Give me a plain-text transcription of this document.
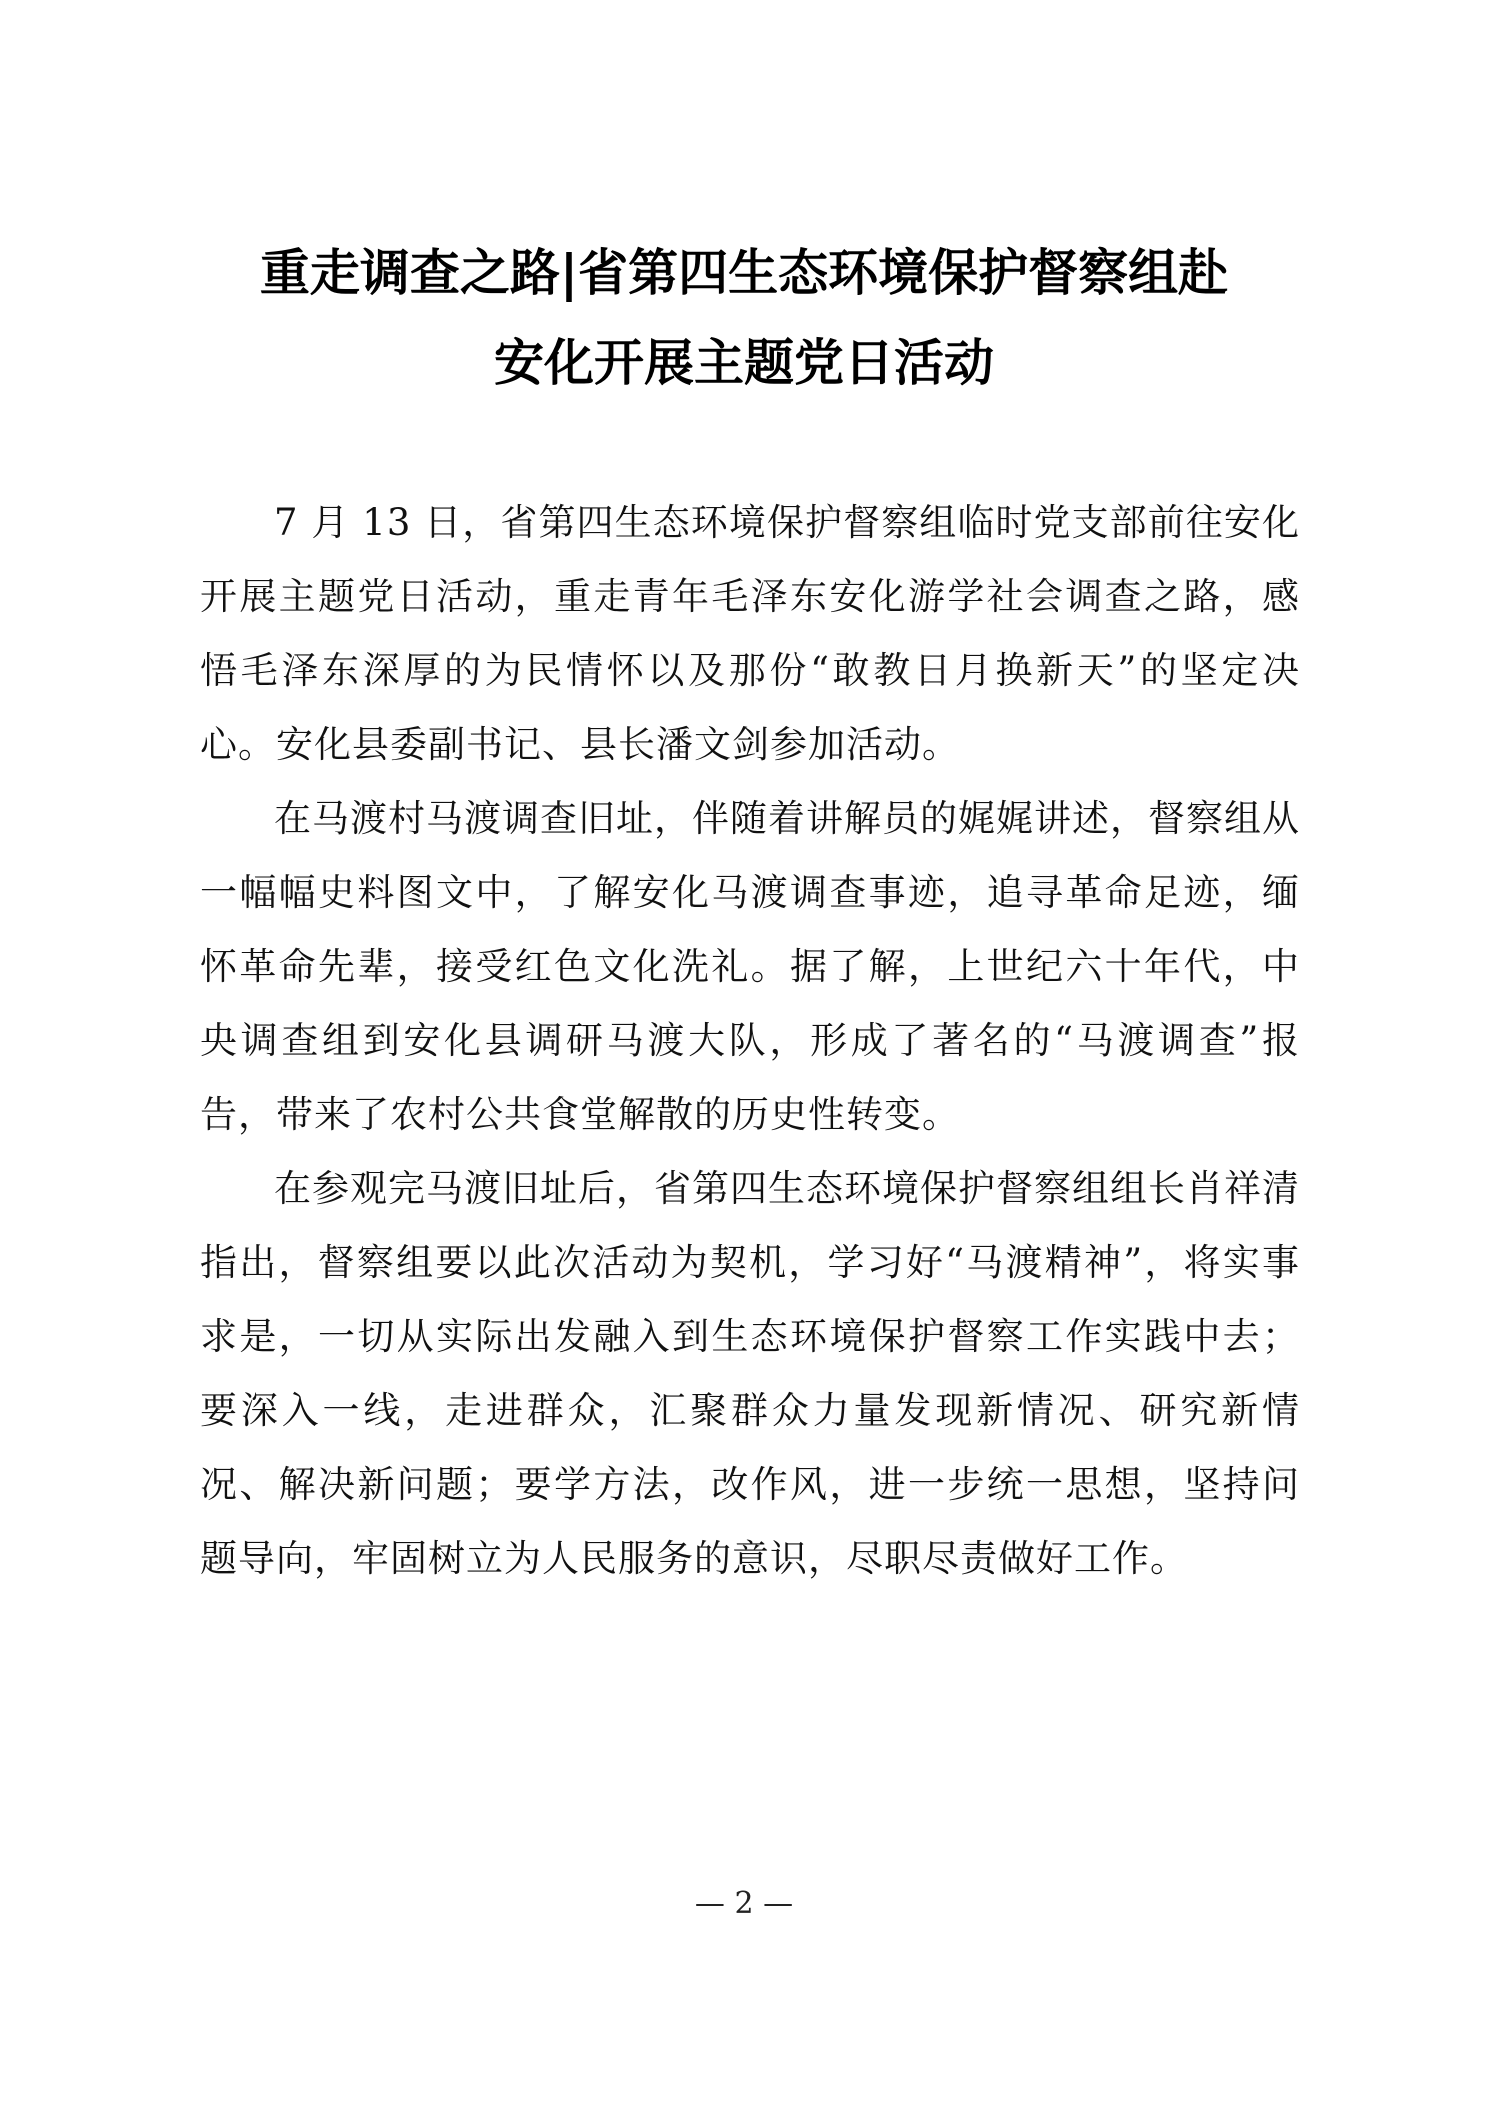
重走调查之路|省第四生态环境保护督察组赴
安化开展主题党日活动

7 月 13 日，省第四生态环境保护督察组临时党支部前往安化开展主题党日活动，重走青年毛泽东安化游学社会调查之路，感悟毛泽东深厚的为民情怀以及那份“敢教日月换新天”的坚定决心。安化县委副书记、县长潘文剑参加活动。

在马渡村马渡调查旧址，伴随着讲解员的娓娓讲述，督察组从一幅幅史料图文中，了解安化马渡调查事迹，追寻革命足迹，缅怀革命先辈，接受红色文化洗礼。据了解，上世纪六十年代，中央调查组到安化县调研马渡大队，形成了著名的“马渡调查”报告，带来了农村公共食堂解散的历史性转变。

在参观完马渡旧址后，省第四生态环境保护督察组组长肖祥清指出，督察组要以此次活动为契机，学习好“马渡精神”，将实事求是，一切从实际出发融入到生态环境保护督察工作实践中去；要深入一线，走进群众，汇聚群众力量发现新情况、研究新情况、解决新问题；要学方法，改作风，进一步统一思想，坚持问题导向，牢固树立为人民服务的意识，尽职尽责做好工作。

— 2 —
